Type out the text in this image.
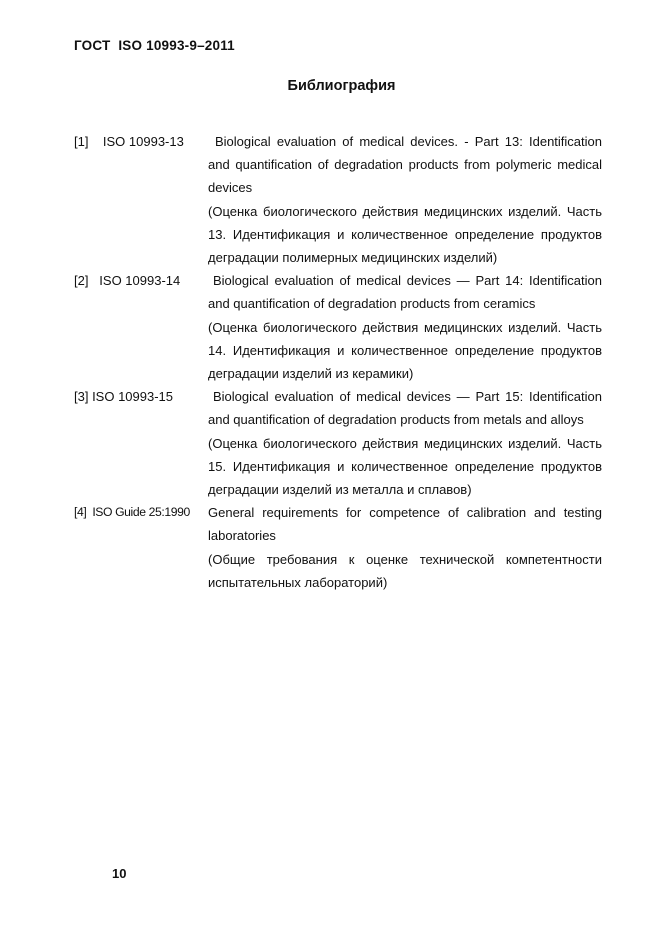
ГОСТ  ISO 10993-9–2011
Библиография
[1]    ISO 10993-13	Biological evaluation of medical devices. - Part 13: Identification and quantification of degradation products from polymeric medical devices
(Оценка биологического действия медицинских изделий. Часть 13. Идентификация и количественное определение продуктов деградации полимерных медицинских изделий)
[2]   ISO 10993-14	Biological evaluation of medical devices — Part 14: Identification and quantification of degradation products from ceramics
(Оценка биологического действия медицинских изделий. Часть 14. Идентификация и количественное определение продуктов деградации изделий из керамики)
[3] ISO 10993-15	Biological evaluation of medical devices — Part 15: Identification and quantification of degradation products from metals and alloys
(Оценка биологического действия медицинских изделий. Часть 15. Идентификация и количественное определение продуктов деградации изделий из металла и сплавов)
[4]  ISO Guide 25:1990 General requirements for competence of calibration and testing laboratories
(Общие требования к оценке технической компетентности испытательных лабораторий)
10
